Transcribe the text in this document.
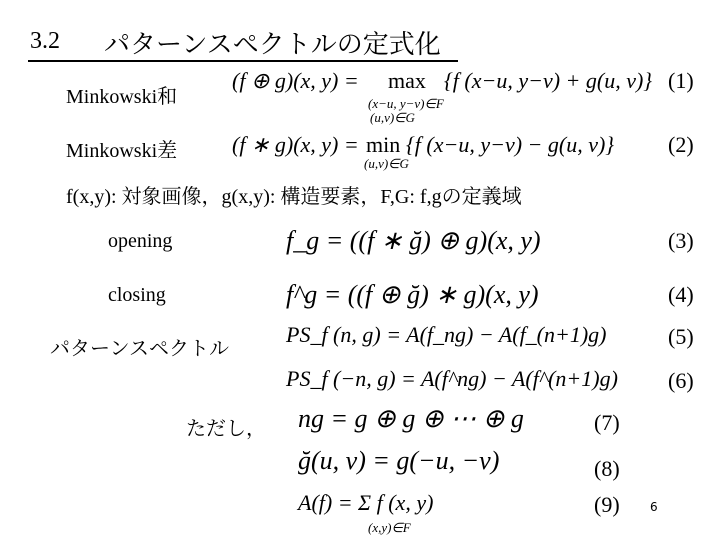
3.2 パターンスペクトルの定式化
Minkowski和
(f ⊕ g)(x, y) = max
(x−u, y−v)∈F
(u,v)∈G
{f (x−u, y−v) + g(u, v)} (1)
Minkowski差 (f ∗ g)(x, y) = min
(u,v)∈G
{f (x−u, y−v) − g(u, v)} (2)
f(x,y): 対象画像，g(x,y): 構造要素，F,G: f,gの定義域
opening	f_g = ((f ∗ ğ) ⊕ g)(x, y)	(3)
closing	f^g = ((f ⊕ ğ) ∗ g)(x, y)	(4)
パターンスペクトル
PS_f (n, g) = A(f_ng) − A(f_(n+1)g)	(5)
PS_f (−n, g) = A(f^ng) − A(f^(n+1)g) (6)
ただし， ng = g ⊕ g ⊕ ⋯ ⊕ g	(7)
ğ(u, v) = g(−u, −v)	(8)
A(f) = Σ f (x, y)
(x,y)∈F
(9)	6
